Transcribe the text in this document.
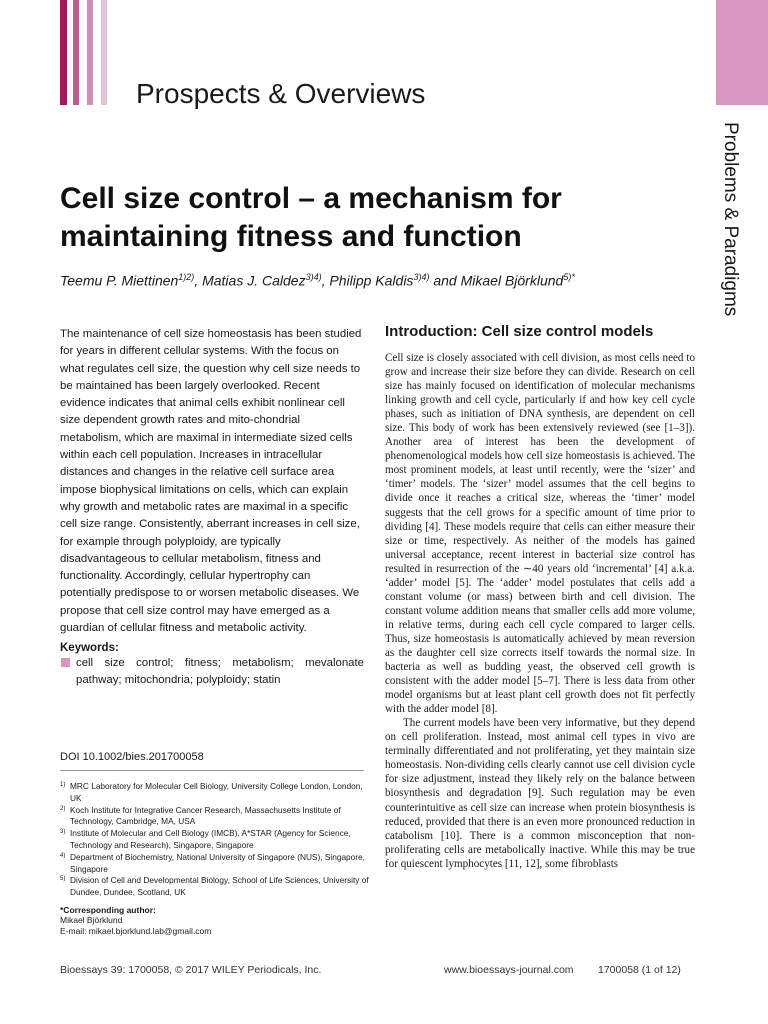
Prospects & Overviews
Problems & Paradigms
Cell size control – a mechanism for maintaining fitness and function
Teemu P. Miettinen$^{1)2)}$, Matias J. Caldez$^{3)4)}$, Philipp Kaldis$^{3)4)}$ and Mikael Björklund$^{5)*}$

The maintenance of cell size homeostasis has been studied for years in different cellular systems. With the focus on what regulates cell size, the question why cell size needs to be maintained has been largely overlooked. Recent evidence indicates that animal cells exhibit nonlinear cell size dependent growth rates and mito-chondrial metabolism, which are maximal in intermediate sized cells within each cell population. Increases in intracellular distances and changes in the relative cell surface area impose biophysical limitations on cells, which can explain why growth and metabolic rates are maximal in a specific cell size range. Consistently, aberrant increases in cell size, for example through polyploidy, are typically disadvantageous to cellular metabolism, fitness and functionality. Accordingly, cellular hypertrophy can potentially predispose to or worsen metabolic diseases. We propose that cell size control may have emerged as a guardian of cellular fitness and metabolic activity.

Keywords:

cell size control; fitness; metabolism; mevalonate pathway; mitochondria; polyploidy; statin

DOI 10.1002/bies.201700058
1) MRC Laboratory for Molecular Cell Biology, University College London, London, UK
2) Koch Institute for Integrative Cancer Research, Massachusetts Institute of Technology, Cambridge, MA, USA
3) Institute of Molecular and Cell Biology (IMCB), A*STAR (Agency for Science, Technology and Research), Singapore, Singapore
4) Department of Biochemistry, National University of Singapore (NUS), Singapore, Singapore
5) Division of Cell and Developmental Biology, School of Life Sciences, University of Dundee, Dundee, Scotland, UK
*Corresponding author:
Mikael Björklund
E-mail: mikael.bjorklund.lab@gmail.com
Introduction: Cell size control models

Cell size is closely associated with cell division, as most cells need to grow and increase their size before they can divide. Research on cell size has mainly focused on identification of molecular mechanisms linking growth and cell cycle, particularly if and how key cell cycle phases, such as initiation of DNA synthesis, are dependent on cell size. This body of work has been extensively reviewed (see [1–3]). Another area of interest has been the development of phenomenological models how cell size homeostasis is achieved. The most prominent models, at least until recently, were the ‘sizer’ and ‘timer’ models. The ‘sizer’ model assumes that the cell begins to divide once it reaches a critical size, whereas the ‘timer’ model suggests that the cell grows for a specific amount of time prior to dividing [4]. These models require that cells can either measure their size or time, respectively. As neither of the models has gained universal acceptance, recent interest in bacterial size control has resulted in resurrection of the ∼40 years old ‘incremental’ [4] a.k.a. ‘adder’ model [5]. The ‘adder’ model postulates that cells add a constant volume (or mass) between birth and cell division. The constant volume addition means that smaller cells add more volume, in relative terms, during each cell cycle compared to larger cells. Thus, size homeostasis is automatically achieved by mean reversion as the daughter cell size corrects itself towards the normal size. In bacteria as well as budding yeast, the observed cell growth is consistent with the adder model [5–7]. There is less data from other model organisms but at least plant cell growth does not fit perfectly with the adder model [8].

The current models have been very informative, but they depend on cell proliferation. Instead, most animal cell types in vivo are terminally differentiated and not proliferating, yet they maintain size homeostasis. Non-dividing cells clearly cannot use cell division cycle for size adjustment, instead they likely rely on the balance between biosynthesis and degradation [9]. Such regulation may be even counterintuitive as cell size can increase when protein biosynthesis is reduced, provided that there is an even more pronounced reduction in catabolism [10]. There is a common misconception that non-proliferating cells are metabolically inactive. While this may be true for quiescent lymphocytes [11, 12], some fibroblasts

Bioessays 39: 1700058, © 2017 WILEY Periodicals, Inc.	www.bioessays-journal.com 1700058 (1 of 12)
